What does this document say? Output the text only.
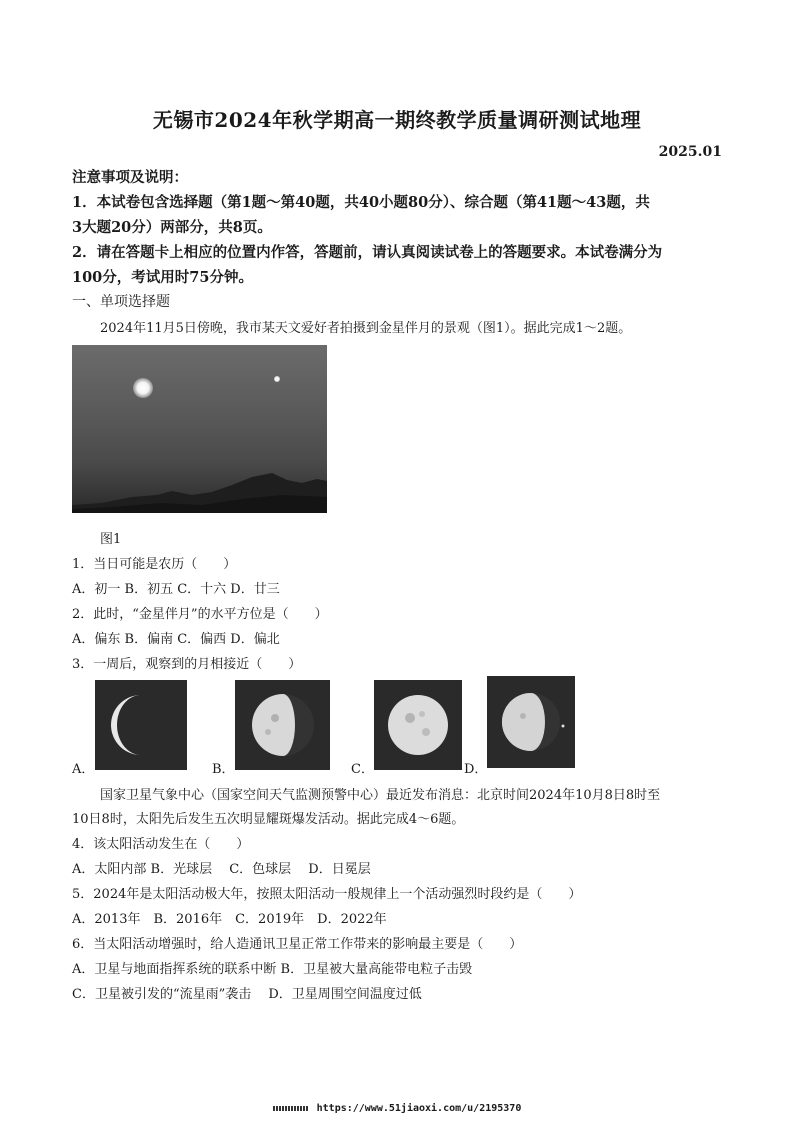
无锡市2024年秋学期高一期终教学质量调研测试地理
2025.01
注意事项及说明：
1．本试卷包含选择题（第1题～第40题，共40小题80分）、综合题（第41题～43题，共
3大题20分）两部分，共8页。
2．请在答题卡上相应的位置内作答，答题前，请认真阅读试卷上的答题要求。本试卷满分为
100分，考试用时75分钟。
一、单项选择题
2024年11月5日傍晚，我市某天文爱好者拍摄到金星伴月的景观（图1）。据此完成1～2题。
图1
1．当日可能是农历（　　）
A．初一 B．初五 C．十六 D．廿三
2．此时，“金星伴月”的水平方位是（　　）
A．偏东 B．偏南 C．偏西 D．偏北
3．一周后，观察到的月相接近（　　）
A．	B．	C．	D．
国家卫星气象中心（国家空间天气监测预警中心）最近发布消息：北京时间2024年10月8日8时至
10日8时，太阳先后发生五次明显耀斑爆发活动。据此完成4～6题。
4．该太阳活动发生在（　　）
A．太阳内部 B．光球层　 C．色球层　 D．日冕层
5．2024年是太阳活动极大年，按照太阳活动一般规律上一个活动强烈时段约是（　　）
A．2013年　B．2016年　C．2019年　D．2022年
6．当太阳活动增强时，给人造通讯卫星正常工作带来的影响最主要是（　　）
A．卫星与地面指挥系统的联系中断 B．卫星被大量高能带电粒子击毁
C．卫星被引发的“流星雨”袭击　 D．卫星周围空间温度过低
https://www.51jiaoxi.com/u/2195370
